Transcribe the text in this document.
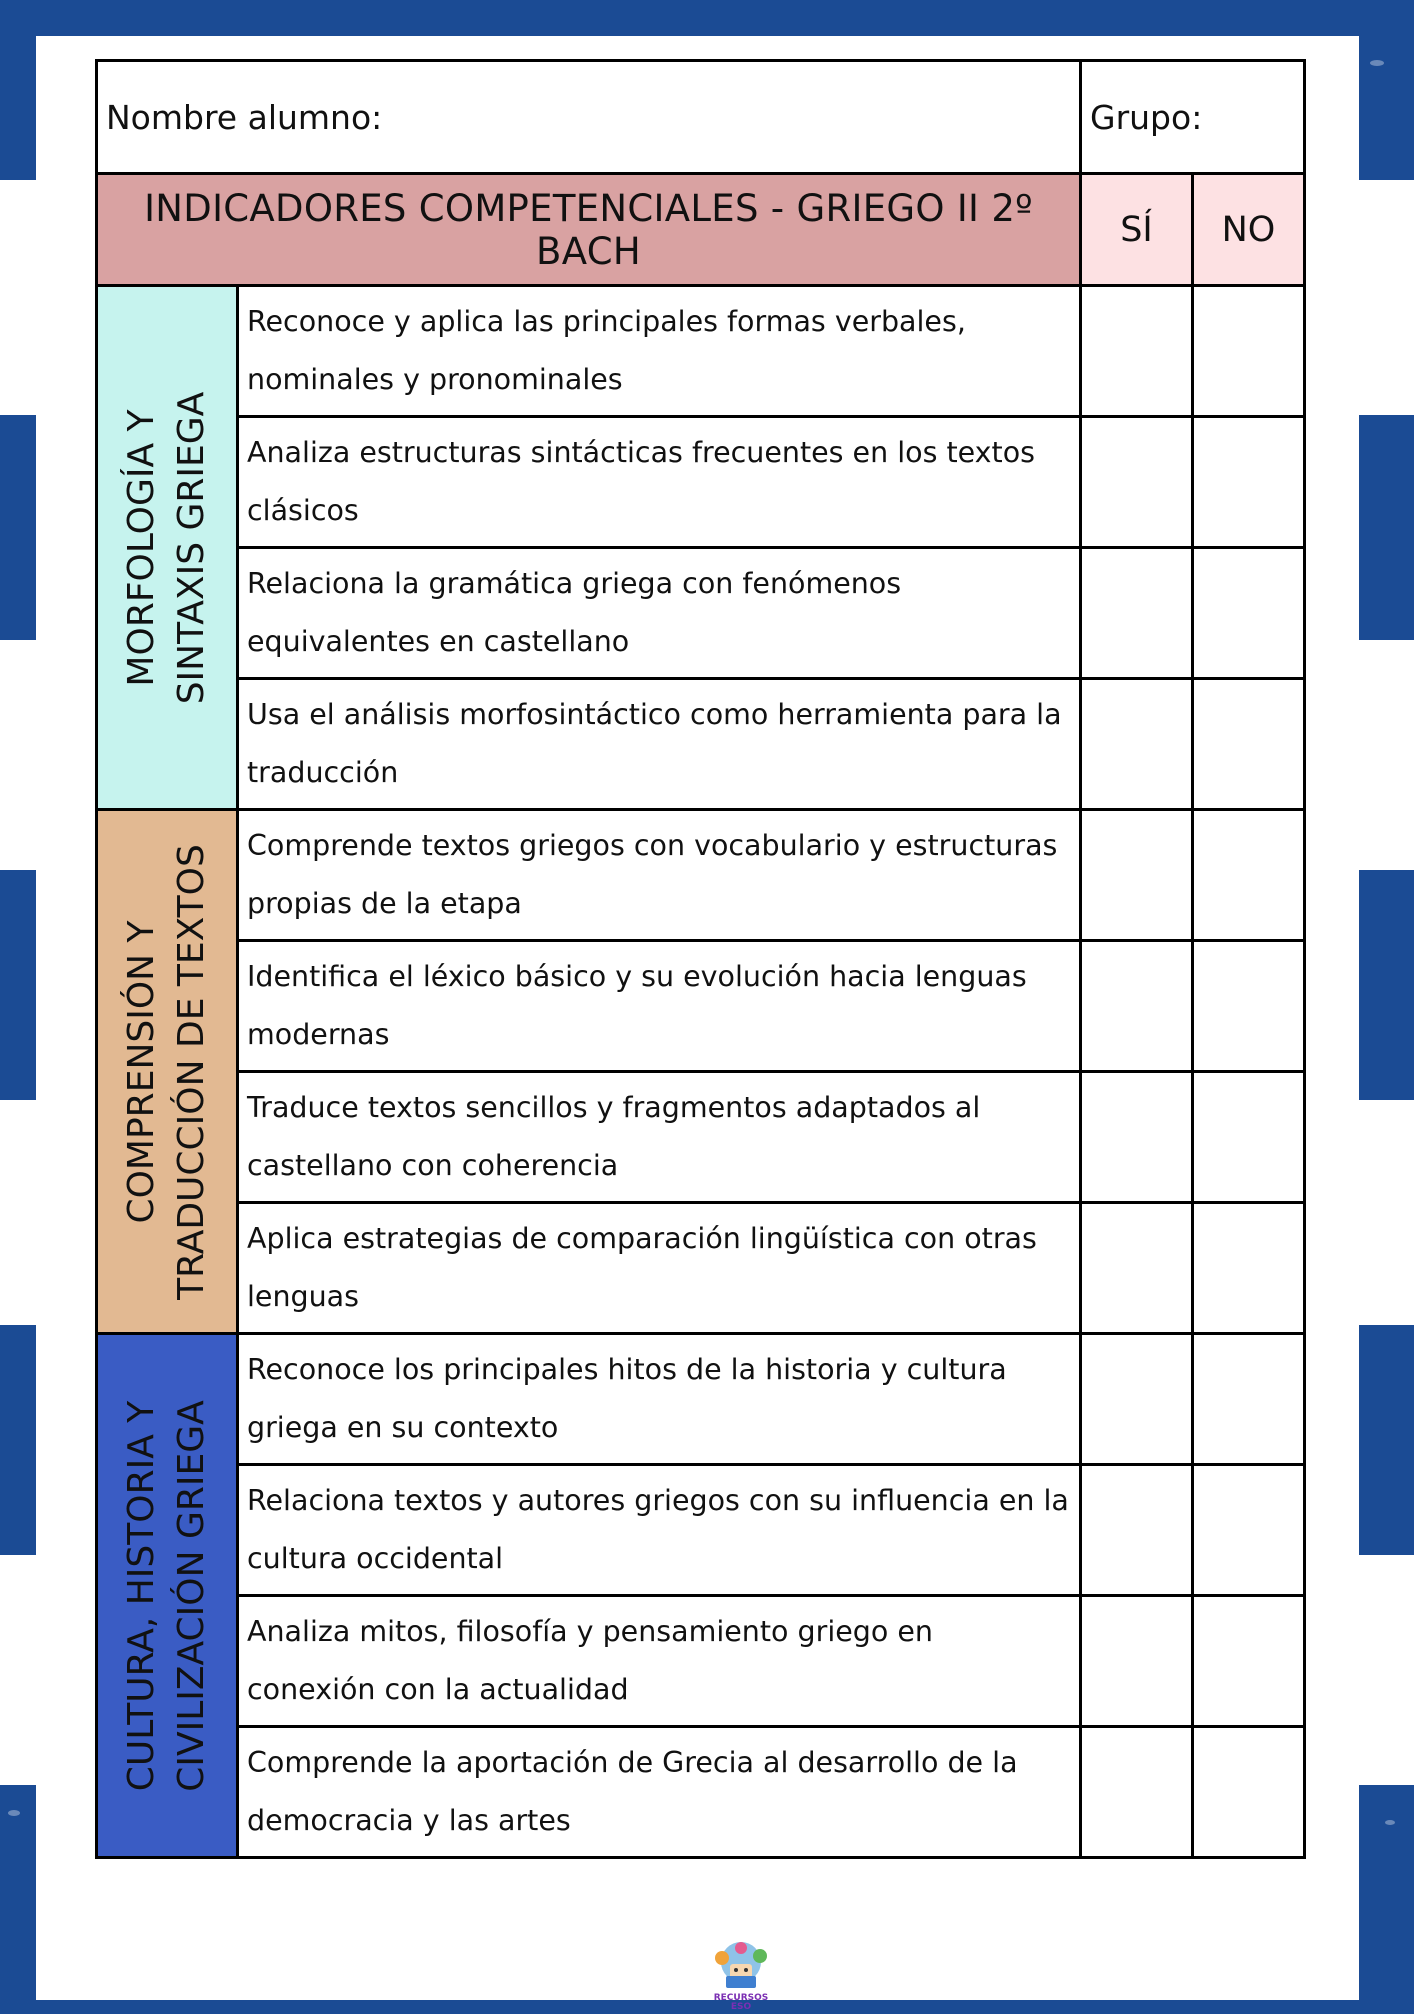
Nombre alumno:		Grupo:	
INDICADORES COMPETENCIALES - GRIEGO II 2º BACH		SÍ	NO

MORFOLOGÍA Y SINTAXIS GRIEGA	Reconoce y aplica las principales formas verbales, nominales y pronominales		
	Analiza estructuras sintácticas frecuentes en los textos clásicos		
	Relaciona la gramática griega con fenómenos equivalentes en castellano		
	Usa el análisis morfosintáctico como herramienta para la traducción		

COMPRENSIÓN Y TRADUCCIÓN DE TEXTOS	Comprende textos griegos con vocabulario y estructuras propias de la etapa		
	Identifica el léxico básico y su evolución hacia lenguas modernas		
	Traduce textos sencillos y fragmentos adaptados al castellano con coherencia		
	Aplica estrategias de comparación lingüística con otras lenguas		

CULTURA, HISTORIA Y CIVILIZACIÓN GRIEGA	Reconoce los principales hitos de la historia y cultura griega en su contexto		
	Relaciona textos y autores griegos con su influencia en la cultura occidental		
	Analiza mitos, filosofía y pensamiento griego en conexión con la actualidad		
	Comprende la aportación de Grecia al desarrollo de la democracia y las artes		
RECURSOS ESO
